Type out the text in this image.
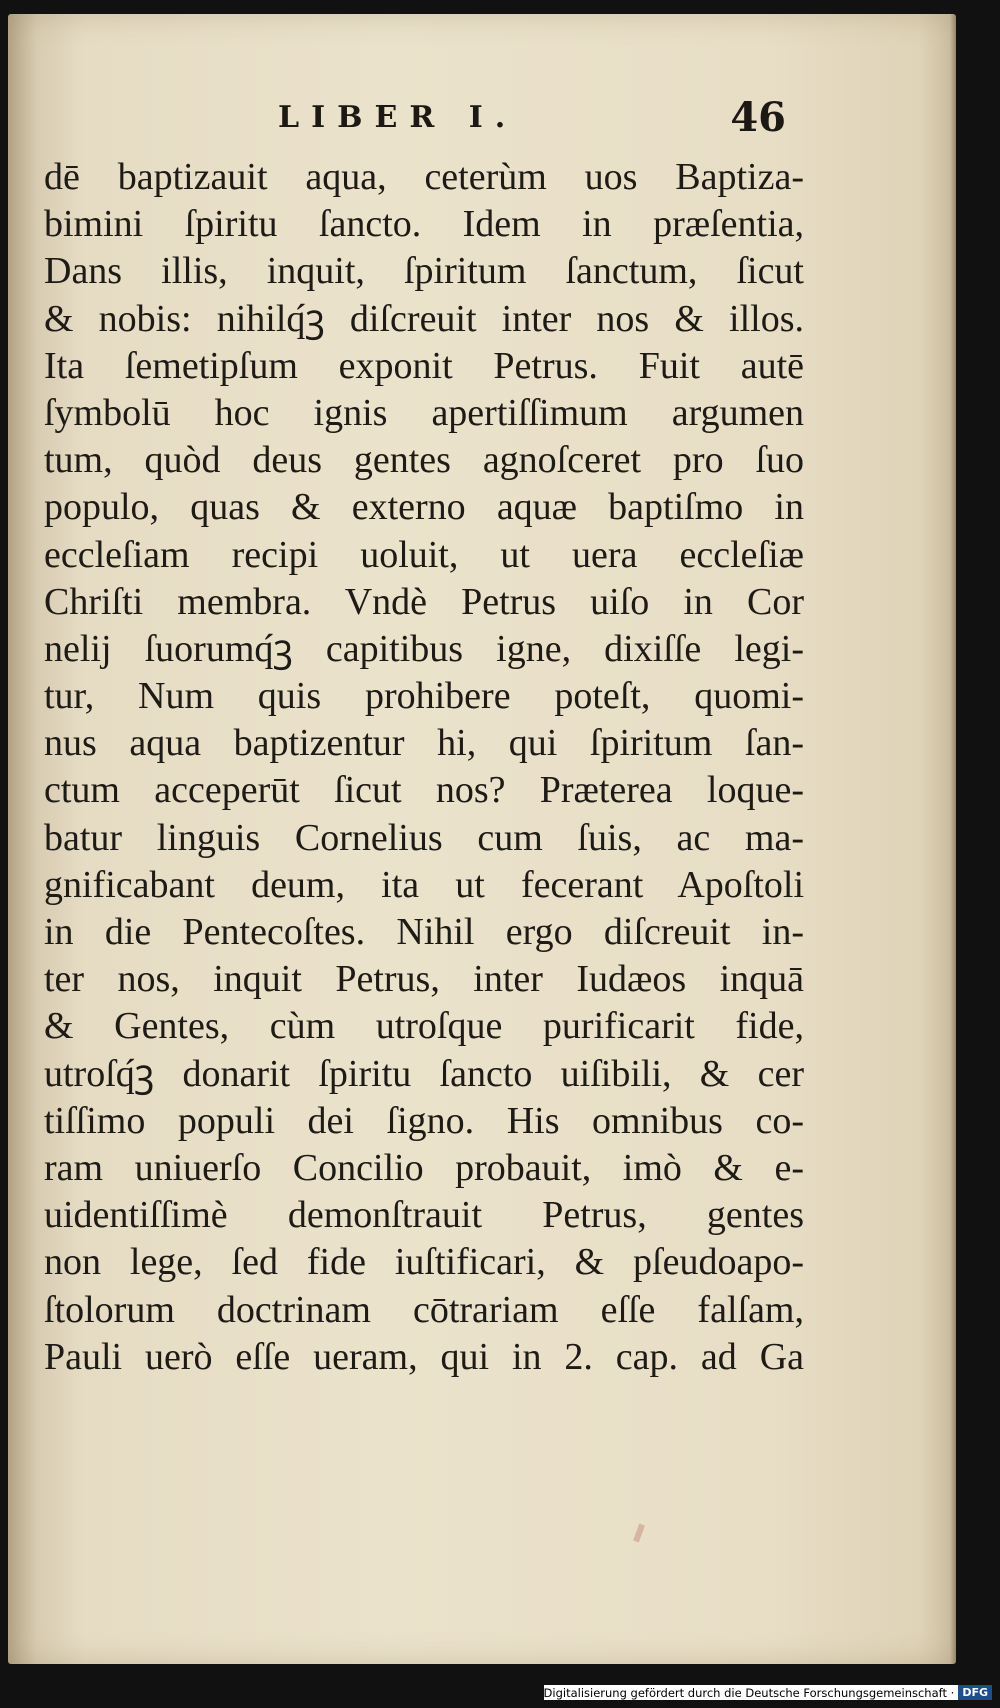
LIBER I.	46
dē baptizauit aqua, ceterùm uos Baptiza-
bimini ſpiritu ſancto. Idem in præſentia,
Dans illis, inquit, ſpiritum ſanctum, ſicut
& nobis: nihilq́ꝫ diſcreuit inter nos & illos.
Ita ſemetipſum exponit Petrus. Fuit autē
ſymbolū hoc ignis apertiſſimum argumen
tum, quòd deus gentes agnoſceret pro ſuo
populo, quas & externo aquæ baptiſmo in
eccleſiam recipi uoluit, ut uera eccleſiæ
Chriſti membra. Vndè Petrus uiſo in Cor
nelij ſuorumq́ꝫ capitibus igne, dixiſſe legi-
tur, Num quis prohibere poteſt, quomi-
nus aqua baptizentur hi, qui ſpiritum ſan-
ctum acceperūt ſicut nos? Præterea loque-
batur linguis Cornelius cum ſuis, ac ma-
gnificabant deum, ita ut fecerant Apoſtoli
in die Pentecoſtes. Nihil ergo diſcreuit in-
ter nos, inquit Petrus, inter Iudæos inquā
& Gentes, cùm utroſque purificarit fide,
utroſq́ꝫ donarit ſpiritu ſancto uiſibili, & cer
tiſſimo populi dei ſigno. His omnibus co-
ram uniuerſo Concilio probauit, imò & e-
uidentiſſimè demonſtrauit Petrus, gentes
non lege, ſed fide iuſtificari, & pſeudoapo-
ſtolorum doctrinam cōtrariam eſſe falſam,
Pauli uerò eſſe ueram, qui in 2. cap. ad Ga
Digitalisierung gefördert durch die Deutsche Forschungsgemeinschaft · DFG
